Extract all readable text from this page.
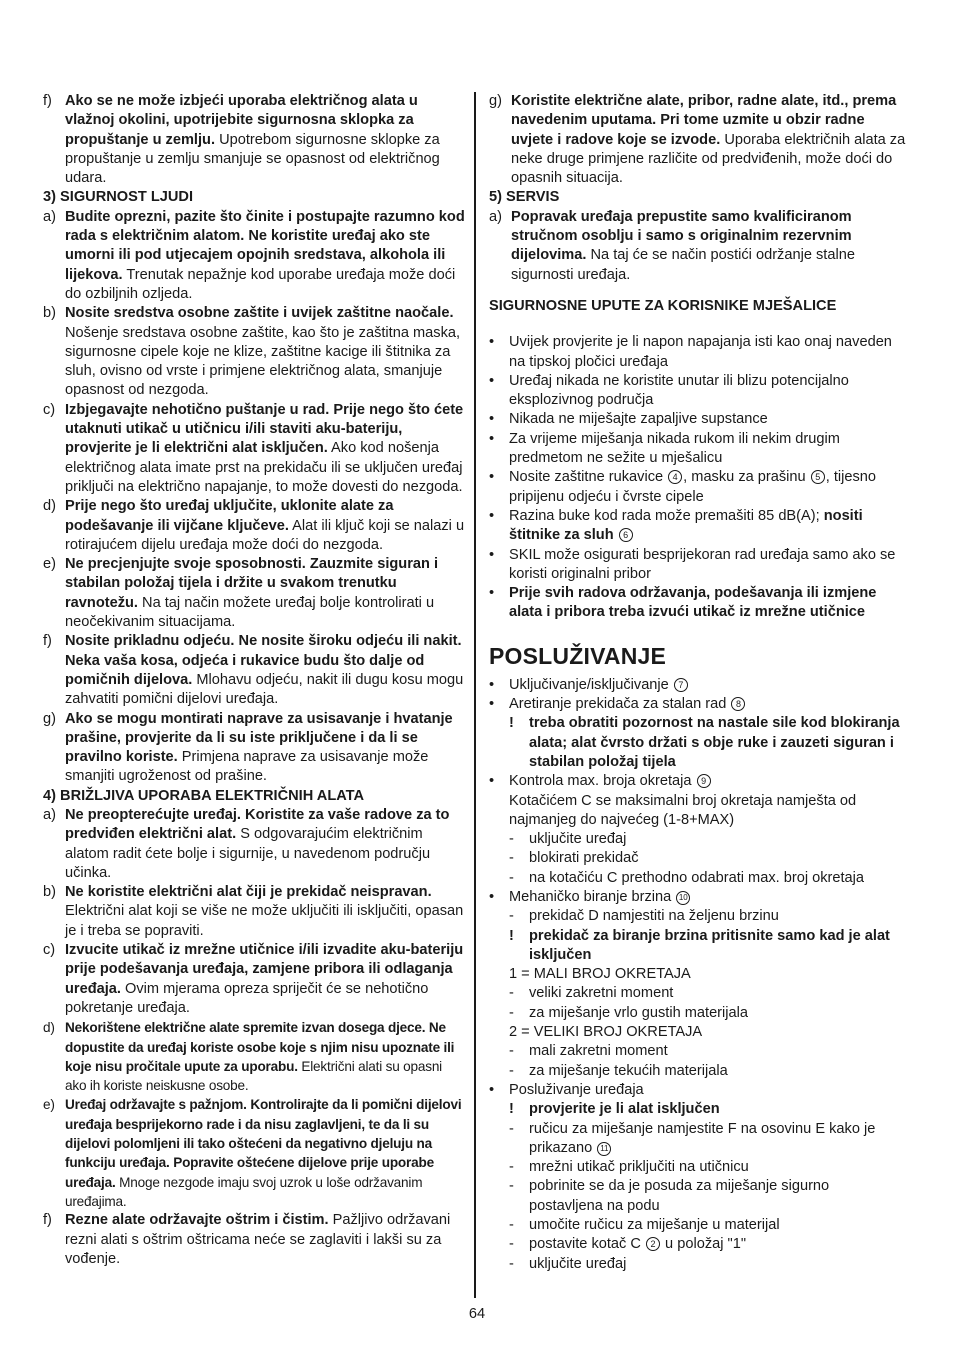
f) Ako se ne može izbjeći uporaba električnog alata u vlažnoj okolini, upotrijebite sigurnosna sklopka za propuštanje u zemlju. Upotrebom sigurnosne sklopke za propuštanje u zemlju smanjuje se opasnost od električnog udara.
3) SIGURNOST LJUDI
a) Budite oprezni, pazite što činite i postupajte razumno kod rada s električnim alatom. Ne koristite uređaj ako ste umorni ili pod utjecajem opojnih sredstava, alkohola ili lijekova. Trenutak nepažnje kod uporabe uređaja može doći do ozbiljnih ozljeda.
b) Nosite sredstva osobne zaštite i uvijek zaštitne naočale. Nošenje sredstava osobne zaštite, kao što je zaštitna maska, sigurnosne cipele koje ne klize, zaštitne kacige ili štitnika za sluh, ovisno od vrste i primjene električnog alata, smanjuje opasnost od nezgoda.
c) Izbjegavajte nehotično puštanje u rad. Prije nego što ćete utaknuti utikač u utičnicu i/ili staviti aku-bateriju, provjerite je li električni alat isključen. Ako kod nošenja električnog alata imate prst na prekidaču ili se uključen uređaj priključi na električno napajanje, to može dovesti do nezgoda.
d) Prije nego što uređaj uključite, uklonite alate za podešavanje ili vijčane ključeve. Alat ili ključ koji se nalazi u rotirajućem dijelu uređaja može doći do nezgoda.
e) Ne precjenjujte svoje sposobnosti. Zauzmite siguran i stabilan položaj tijela i držite u svakom trenutku ravnotežu. Na taj način možete uređaj bolje kontrolirati u neočekivanim situacijama.
f) Nosite prikladnu odjeću. Ne nosite široku odjeću ili nakit. Neka vaša kosa, odjeća i rukavice budu što dalje od pomičnih dijelova. Mlohavu odjeću, nakit ili dugu kosu mogu zahvatiti pomični dijelovi uređaja.
g) Ako se mogu montirati naprave za usisavanje i hvatanje prašine, provjerite da li su iste priključene i da li se pravilno koriste. Primjena naprave za usisavanje može smanjiti ugroženost od prašine.
4) BRIŽLJIVA UPORABA ELEKTRIČNIH ALATA
a) Ne preopterećujte uređaj. Koristite za vaše radove za to predviđen električni alat. S odgovarajućim električnim alatom radit ćete bolje i sigurnije, u navedenom području učinka.
b) Ne koristite električni alat čiji je prekidač neispravan. Električni alat koji se više ne može uključiti ili isključiti, opasan je i treba se popraviti.
c) Izvucite utikač iz mrežne utičnice i/ili izvadite aku-bateriju prije podešavanja uređaja, zamjene pribora ili odlaganja uređaja. Ovim mjerama opreza spriječit će se nehotično pokretanje uređaja.
d) Nekorištene električne alate spremite izvan dosega djece. Ne dopustite da uređaj koriste osobe koje s njim nisu upoznate ili koje nisu pročitale upute za uporabu. Električni alati su opasni ako ih koriste neiskusne osobe.
e) Uređaj održavajte s pažnjom. Kontrolirajte da li pomični dijelovi uređaja besprijekorno rade i da nisu zaglavljeni, te da li su dijelovi polomljeni ili tako oštećeni da negativno djeluju na funkciju uređaja. Popravite oštećene dijelove prije uporabe uređaja. Mnoge nezgode imaju svoj uzrok u loše održavanim uređajima.
f) Rezne alate održavajte oštrim i čistim. Pažljivo održavani rezni alati s oštrim oštricama neće se zaglaviti i lakši su za vođenje.
g) Koristite električne alate, pribor, radne alate, itd., prema navedenim uputama. Pri tome uzmite u obzir radne uvjete i radove koje se izvode. Uporaba električnih alata za neke druge primjene različite od predviđenih, može doći do opasnih situacija.
5) SERVIS
a) Popravak uređaja prepustite samo kvalificiranom stručnom osoblju i samo s originalnim rezervnim dijelovima. Na taj će se način postići održanje stalne sigurnosti uređaja.
SIGURNOSNE UPUTE ZA KORISNIKE MJEŠALICE
•	Uvijek provjerite je li napon napajanja isti kao onaj naveden na tipskoj pločici uređaja
•	Uređaj nikada ne koristite unutar ili blizu potencijalno eksplozivnog područja
•	Nikada ne miješajte zapaljive supstance
•	Za vrijeme miješanja nikada rukom ili nekim drugim predmetom ne sežite u mješalicu
•	Nosite zaštitne rukavice 4 , masku za prašinu 5 , tijesno pripijenu odjeću i čvrste cipele
•	Razina buke kod rada može premašiti 85 dB(A); nositi štitnike za sluh 6
•	SKIL može osigurati besprijekoran rad uređaja samo ako se koristi originalni pribor
•	Prije svih radova održavanja, podešavanja ili izmjene alata i pribora treba izvući utikač iz mrežne utičnice
POSLUŽIVANJE
•	Uključivanje/isključivanje 7
•	Aretiranje prekidača za stalan rad 8
!	treba obratiti pozornost na nastale sile kod blokiranja alata; alat čvrsto držati s obje ruke i zauzeti siguran i stabilan položaj tijela
•	Kontrola max. broja okretaja 9
Kotačićem C se maksimalni broj okretaja namješta od najmanjeg do najvećeg (1-8+MAX)
-	uključite uređaj
-	blokirati prekidač
-	na kotačiću C prethodno odabrati max. broj okretaja
•	Mehaničko biranje brzina 10
-	prekidač D namjestiti na željenu brzinu
!	prekidač za biranje brzina pritisnite samo kad je alat isključen
1 = MALI BROJ OKRETAJA
-	veliki zakretni moment
-	za miješanje vrlo gustih materijala
2 = VELIKI BROJ OKRETAJA
-	mali zakretni moment
-	za miješanje tekućih materijala
•	Posluživanje uređaja
!	provjerite je li alat isključen
-	ručicu za miješanje namjestite F na osovinu E kako je prikazano 11
-	mrežni utikač priključiti na utičnicu
-	pobrinite se da je posuda za miješanje sigurno postavljena na podu
-	umočite ručicu za miješanje u materijal
-	postavite kotač C 2 u položaj "1"
-	uključite uređaj
64
